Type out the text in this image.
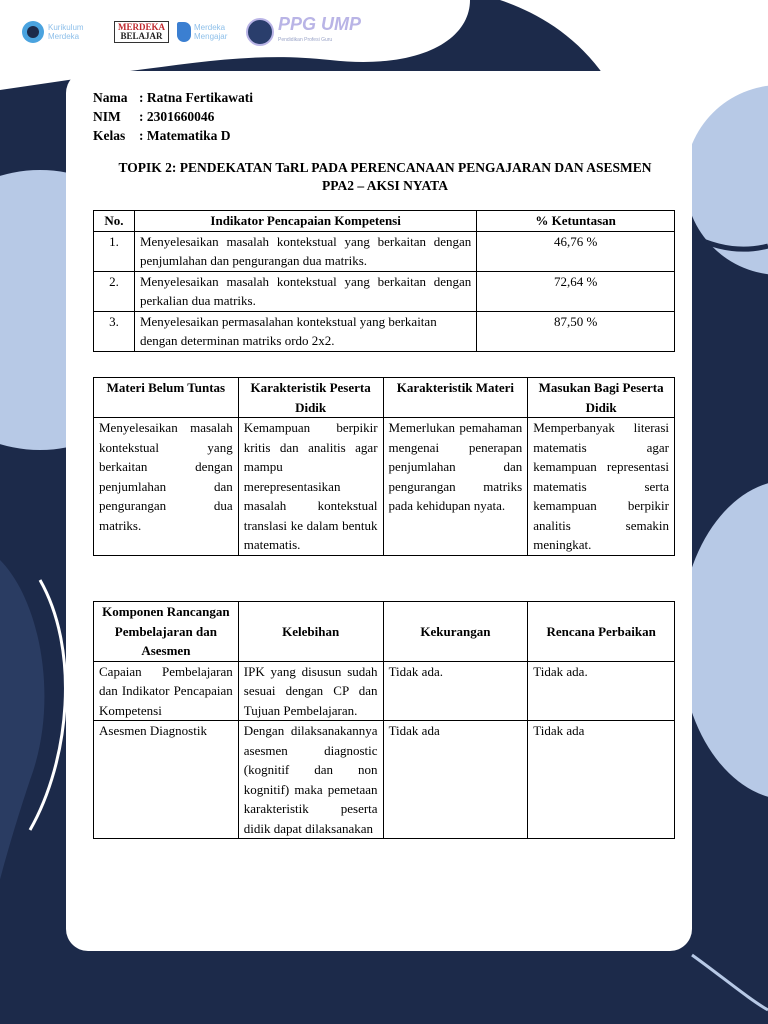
Kurikulum Merdeka
MERDEKA
BELAJAR
Merdeka Mengajar
PPG UMP
Pendidikan Profesi Guru
Nama : Ratna Fertikawati
NIM : 2301660046
Kelas : Matematika D
TOPIK 2: PENDEKATAN TaRL PADA PERENCANAAN PENGAJARAN DAN ASESMEN
PPA2 – AKSI NYATA
No.	Indikator Pencapaian Kompetensi	% Ketuntasan
1.	Menyelesaikan masalah kontekstual yang berkaitan dengan penjumlahan dan pengurangan dua matriks.	46,76 %
2.	Menyelesaikan masalah kontekstual yang berkaitan dengan perkalian dua matriks.	72,64 %
3.	Menyelesaikan permasalahan kontekstual yang berkaitan dengan determinan matriks ordo 2x2.	87,50 %
Materi Belum Tuntas	Karakteristik Peserta Didik	Karakteristik Materi	Masukan Bagi Peserta Didik
Menyelesaikan masalah kontekstual yang berkaitan dengan penjumlahan dan pengurangan dua matriks.	Kemampuan berpikir kritis dan analitis agar mampu merepresentasikan masalah kontekstual translasi ke dalam bentuk matematis.	Memerlukan pemahaman mengenai penerapan penjumlahan dan pengurangan matriks pada kehidupan nyata.	Memperbanyak literasi matematis agar kemampuan representasi matematis serta kemampuan berpikir analitis semakin meningkat.
Komponen Rancangan Pembelajaran dan Asesmen	Kelebihan	Kekurangan	Rencana Perbaikan
Capaian Pembelajaran dan Indikator Pencapaian Kompetensi	IPK yang disusun sudah sesuai dengan CP dan Tujuan Pembelajaran.	Tidak ada.	Tidak ada.
Asesmen Diagnostik	Dengan dilaksanakannya asesmen diagnostic (kognitif dan non kognitif) maka pemetaan karakteristik peserta didik dapat dilaksanakan	Tidak ada	Tidak ada
